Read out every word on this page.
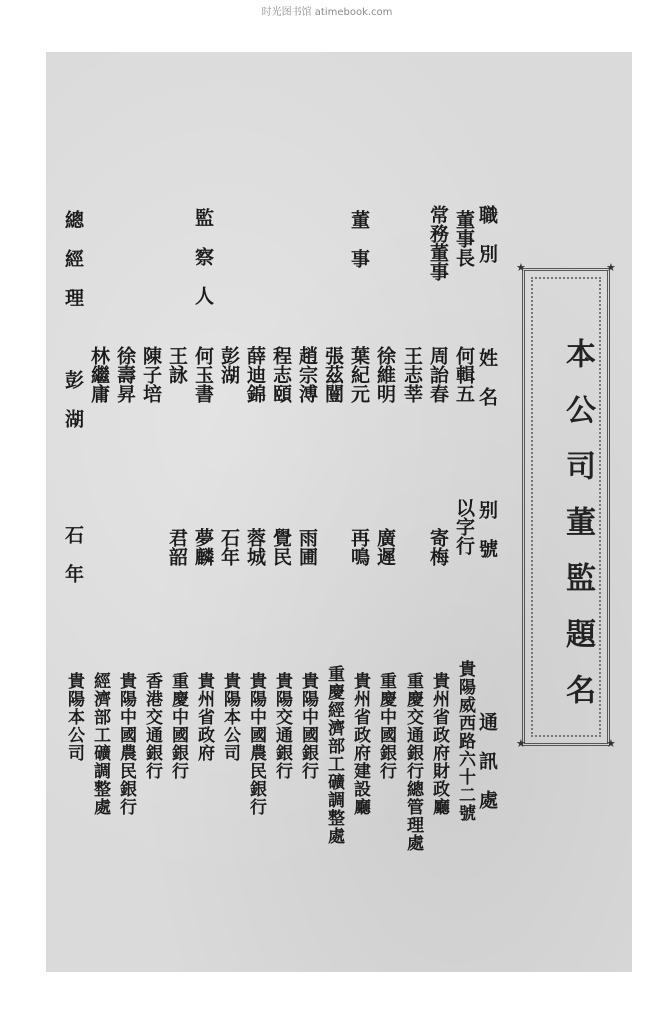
时光图书馆 atimebook.com
★	★
★	★
本公司董監題名
職別
姓名
别號
通訊處
董事長
何輯五
以字行
貴陽威西路六十二號
常務董事
周詒春
寄梅
貴州省政府財政廳
王志莘
重慶交通銀行總管理處
董事
徐維明
廣遲
重慶中國銀行
葉紀元
再鳴
貴州省政府建設廳
張茲闓
重慶經濟部工礦調整處
趙宗溥
雨圃
貴陽中國銀行
程志頤
覺民
貴陽交通銀行
薛迪錦
蓉城
貴陽中國農民銀行
彭湖
石年
貴陽本公司
監察人
何玉書
夢麟
貴州省政府
王詠
君韶
重慶中國銀行
陳子培
香港交通銀行
徐壽昇
貴陽中國農民銀行
林繼庸
經濟部工礦調整處
總經理
彭湖
石年
貴陽本公司
